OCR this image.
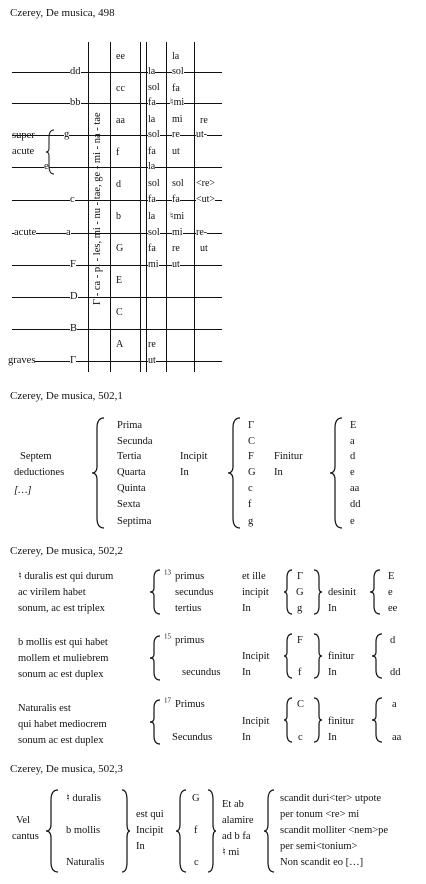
Czerey, De musica, 498
dd
bb
g
e
c
a
F
D
B
Γ
super-
acute
acute
graves
Γ - ca - pi - les, mi - nu - tae, ge - mi - na - tae
ee
cc
aa
f
d
b
G
E
C
A
la
sol
fa
la
sol
fa
la
sol
fa
la
sol
fa
mi
re
ut
la
sol
♮mi
mi
re
ut
sol
fa
♮mi
mi
re
ut
fa
re
ut-
<re>
<ut>
re-
ut
Czerey, De musica, 502,1
Septem
deductiones
[…]
Prima
Secunda
Tertia
Quarta
Quinta
Sexta
Septima
Incipit
In
Γ
C
F
G
c
f
g
Finitur
In
E
a
d
e
aa
dd
e
Czerey, De musica, 502,2
♮ duralis est qui durum
ac virilem habet
sonum, ac est triplex
$^{13}$ primus
secundus
tertius
et ille
incipit
In
Γ
G
g
desinit
In
E
e
ee
b mollis est qui habet
mollem et muliebrem
sonum ac est duplex
$^{15}$ primus
secundus
Incipit
In
F
f
finitur
In
d
dd
Naturalis est
qui habet mediocrem
sonum ac est duplex
$^{17}$ Primus
Secundus
Incipit
In
C
c
finitur
In
a
aa
Czerey, De musica, 502,3
Vel
cantus
♮ duralis
b mollis
Naturalis
est qui
Incipit
In
G
f
c
Et ab
alamire
ad b fa
♮ mi
scandit duri<ter> utpote
per tonum <re> mi
scandit molliter <nem>pe
per semi<tonium>
Non scandit eo […]
